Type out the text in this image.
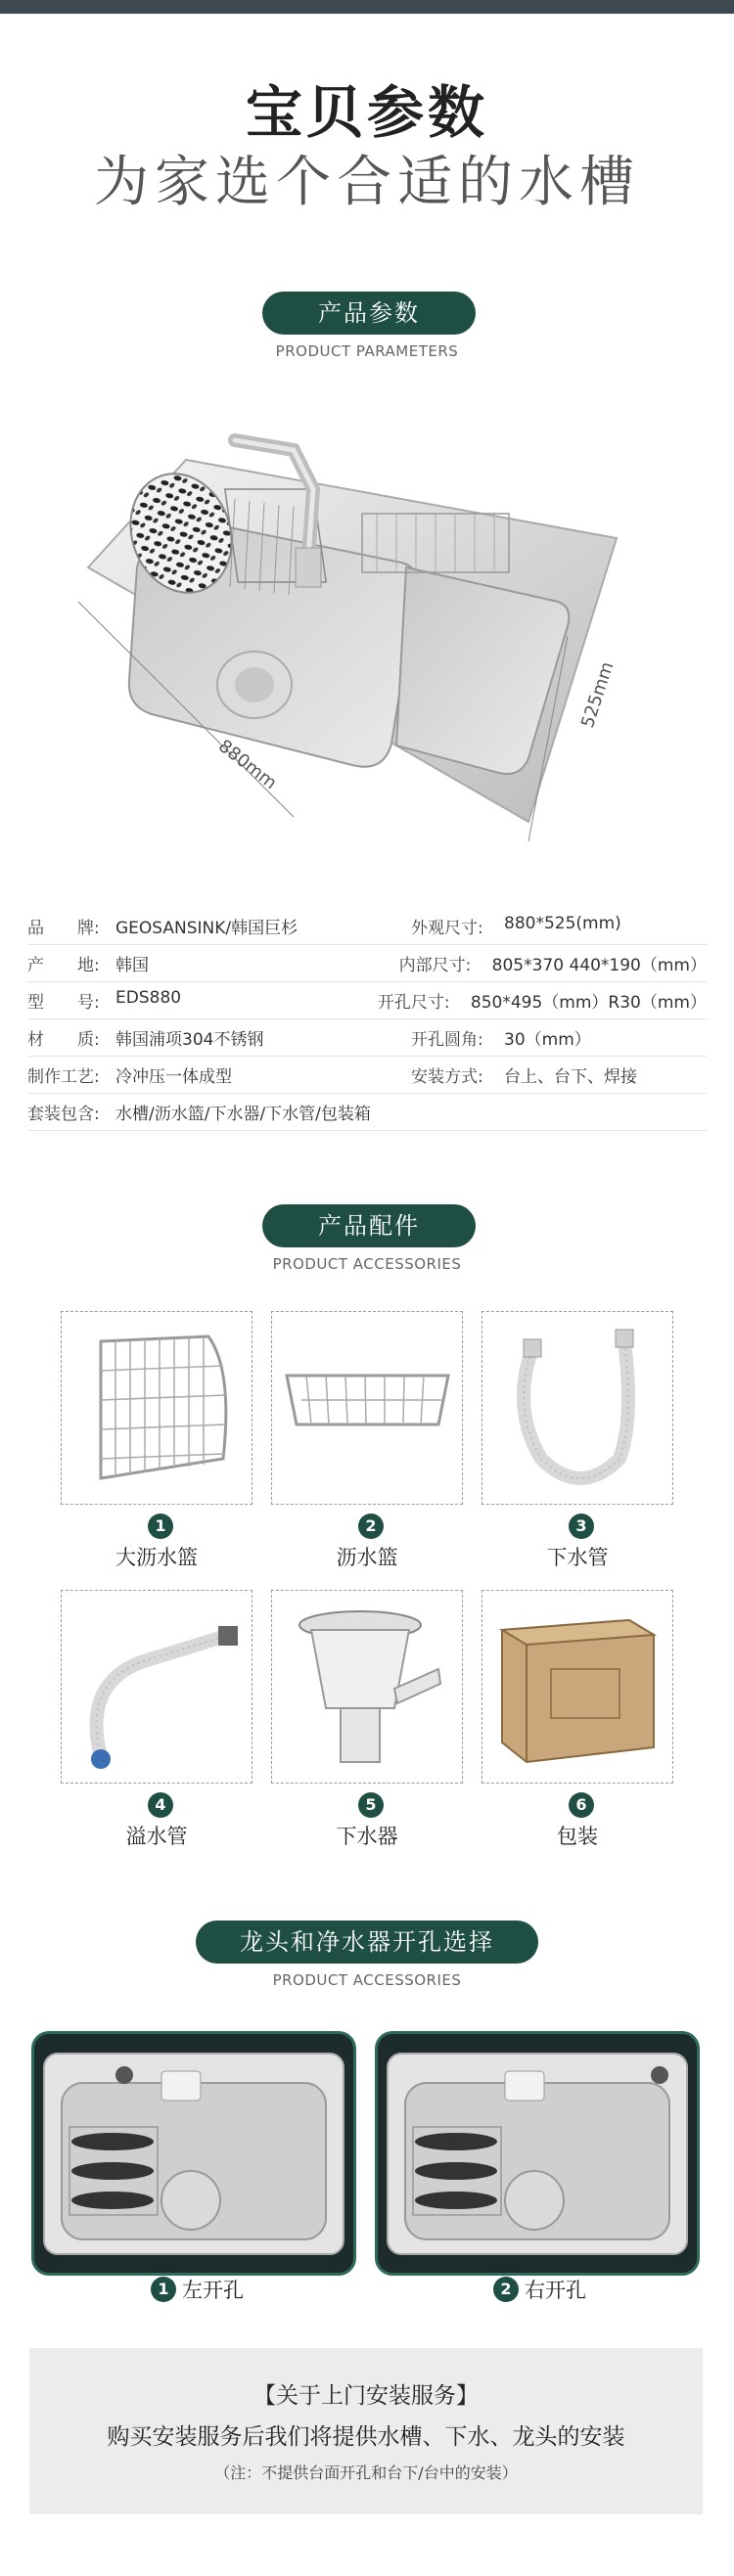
宝贝参数
为家选个合适的水槽
产品参数
PRODUCT PARAMETERS
880mm
525mm
品　　牌: GEOSANSINK/韩国巨杉	外观尺寸:	880*525(mm)
产　　地: 韩国	内部尺寸:	805*370 440*190（mm）
型　　号: EDS880	开孔尺寸:	850*495（mm）R30（mm）
材　　质: 韩国浦项304不锈钢	开孔圆角:	30（mm）
制作工艺: 冷冲压一体成型	安装方式:	台上、台下、焊接
套装包含: 水槽/沥水篮/下水器/下水管/包装箱
产品配件
PRODUCT ACCESSORIES
1	2	3
大沥水篮	沥水篮	下水管
4	5	6
溢水管	下水器	包装
龙头和净水器开孔选择
PRODUCT ACCESSORIES
1 左开孔	2 右开孔
【关于上门安装服务】
购买安装服务后我们将提供水槽、下水、龙头的安装
（注：不提供台面开孔和台下/台中的安装）
